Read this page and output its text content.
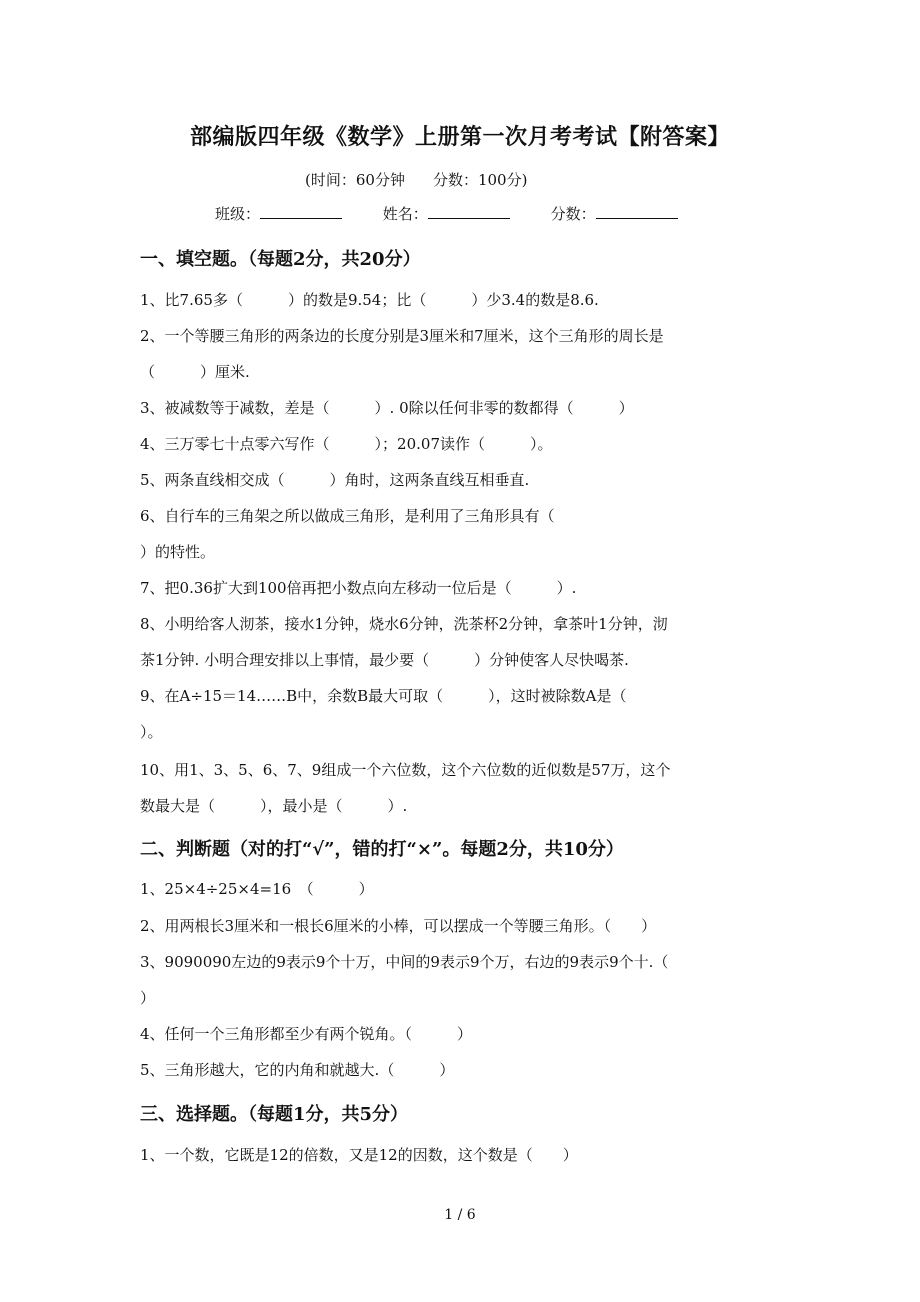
部编版四年级《数学》上册第一次月考考试【附答案】
(时间：60分钟 分数：100分)
班级：	姓名：	分数：
一、填空题。（每题2分，共20分）
1、比7.65多（　　　）的数是9.54；比（　　　）少3.4的数是8.6.
2、一个等腰三角形的两条边的长度分别是3厘米和7厘米，这个三角形的周长是
（　　　）厘米.
3、被减数等于减数，差是（　　　）. 0除以任何非零的数都得（　　　）
4、三万零七十点零六写作（　　　）；20.07读作（　　　）。
5、两条直线相交成（　　　）角时，这两条直线互相垂直.
6、自行车的三角架之所以做成三角形，是利用了三角形具有（
）的特性。
7、把0.36扩大到100倍再把小数点向左移动一位后是（　　　）.
8、小明给客人沏茶，接水1分钟，烧水6分钟，洗茶杯2分钟，拿茶叶1分钟，沏
茶1分钟. 小明合理安排以上事情，最少要（　　　）分钟使客人尽快喝茶.
9、在A÷15＝14……B中，余数B最大可取（　　　），这时被除数A是（
）。
10、用1、3、5、6、7、9组成一个六位数，这个六位数的近似数是57万，这个
数最大是（　　　），最小是（　　　）.
二、判断题（对的打“√”，错的打“×”。每题2分，共10分）
1、25×4÷25×4=16　（　　　）
2、用两根长3厘米和一根长6厘米的小棒，可以摆成一个等腰三角形。（　　）
3、9090090左边的9表示9个十万，中间的9表示9个万，右边的9表示9个十.（
）
4、任何一个三角形都至少有两个锐角。（　　　）
5、三角形越大，它的内角和就越大.（　　　）
三、选择题。（每题1分，共5分）
1、一个数，它既是12的倍数，又是12的因数，这个数是（　　）
1 / 6
